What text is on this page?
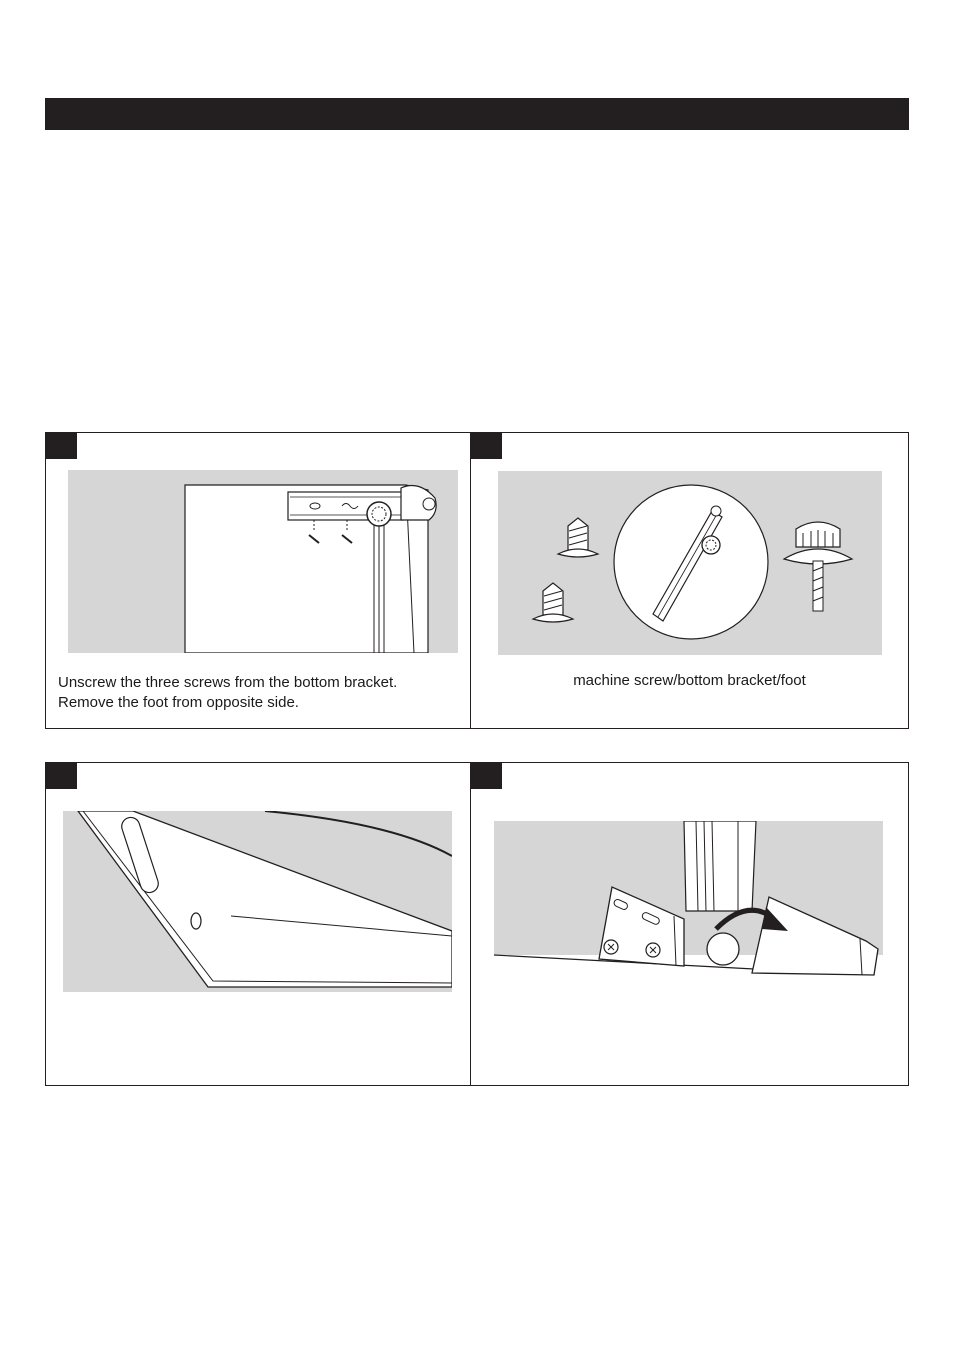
Unscrew the three screws from the bottom bracket.
Remove the foot from opposite side.
machine screw/bottom bracket/foot
